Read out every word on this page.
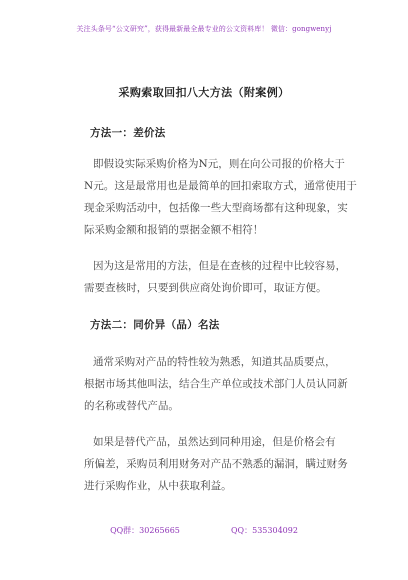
关注头条号“公文研究”，获得最新最全最专业的公文资料库！ 微信：gongwenyj
采购索取回扣八大方法（附案例）
方法一：差价法
即假设实际采购价格为N元，则在向公司报的价格大于
N元。这是最常用也是最简单的回扣索取方式，通常使用于
现金采购活动中，包括像一些大型商场都有这种现象，实
际采购金额和报销的票据金额不相符！
因为这是常用的方法，但是在查核的过程中比较容易，
需要查核时，只要到供应商处询价即可，取证方便。
方法二：同价异（品）名法
通常采购对产品的特性较为熟悉，知道其品质要点，
根据市场其他叫法，结合生产单位或技术部门人员认同新
的名称或替代产品。
如果是替代产品，虽然达到同种用途，但是价格会有
所偏差，采购员利用财务对产品不熟悉的漏洞，瞒过财务
进行采购作业，从中获取利益。
QQ群：30265665	QQ：535304092
